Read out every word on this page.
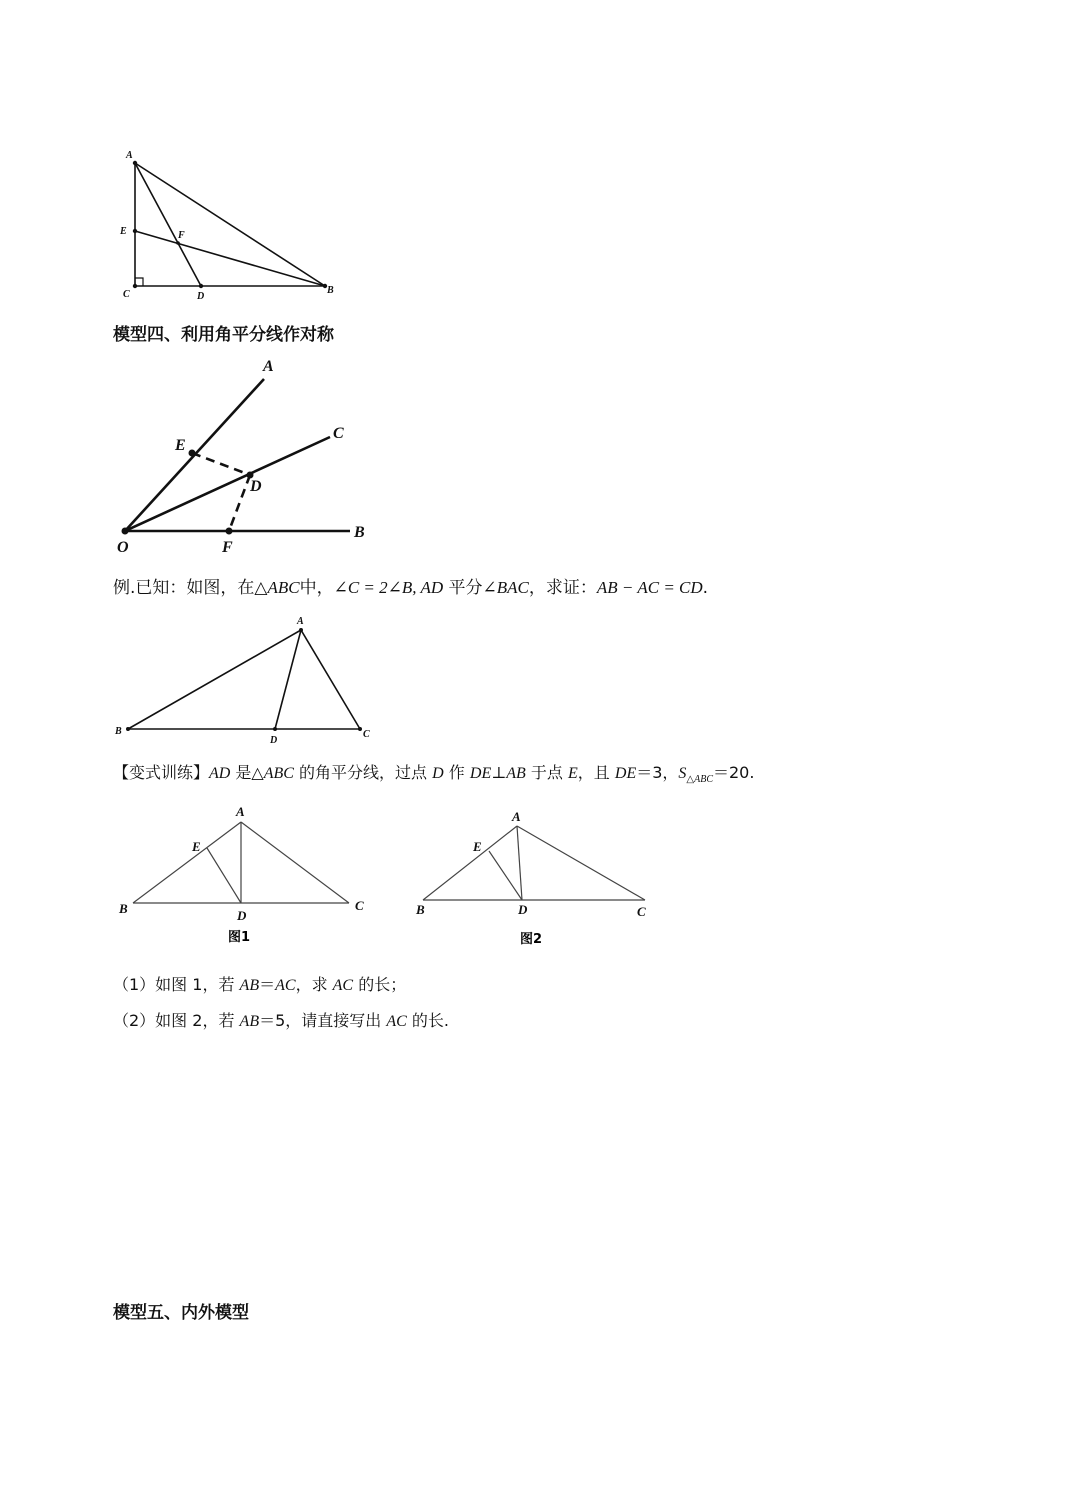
A
E	F
C	D
B
模型四、利用角平分线作对称
A
C
E
D
O	F
B
例.已知：如图，在△ABC中，∠C = 2∠B, AD 平分∠BAC，求证：AB − AC = CD.
A
B
D
C
【变式训练】AD 是△ABC 的角平分线，过点 D 作 DE⊥AB 于点 E，且 DE＝3，$S_{\triangle ABC}=20$.
A
E
B	D
C
图1
A
E
B	D	C
图2
（1）如图 1，若 AB＝AC，求 AC 的长；
（2）如图 2，若 AB＝5，请直接写出 AC 的长.
模型五、内外模型
